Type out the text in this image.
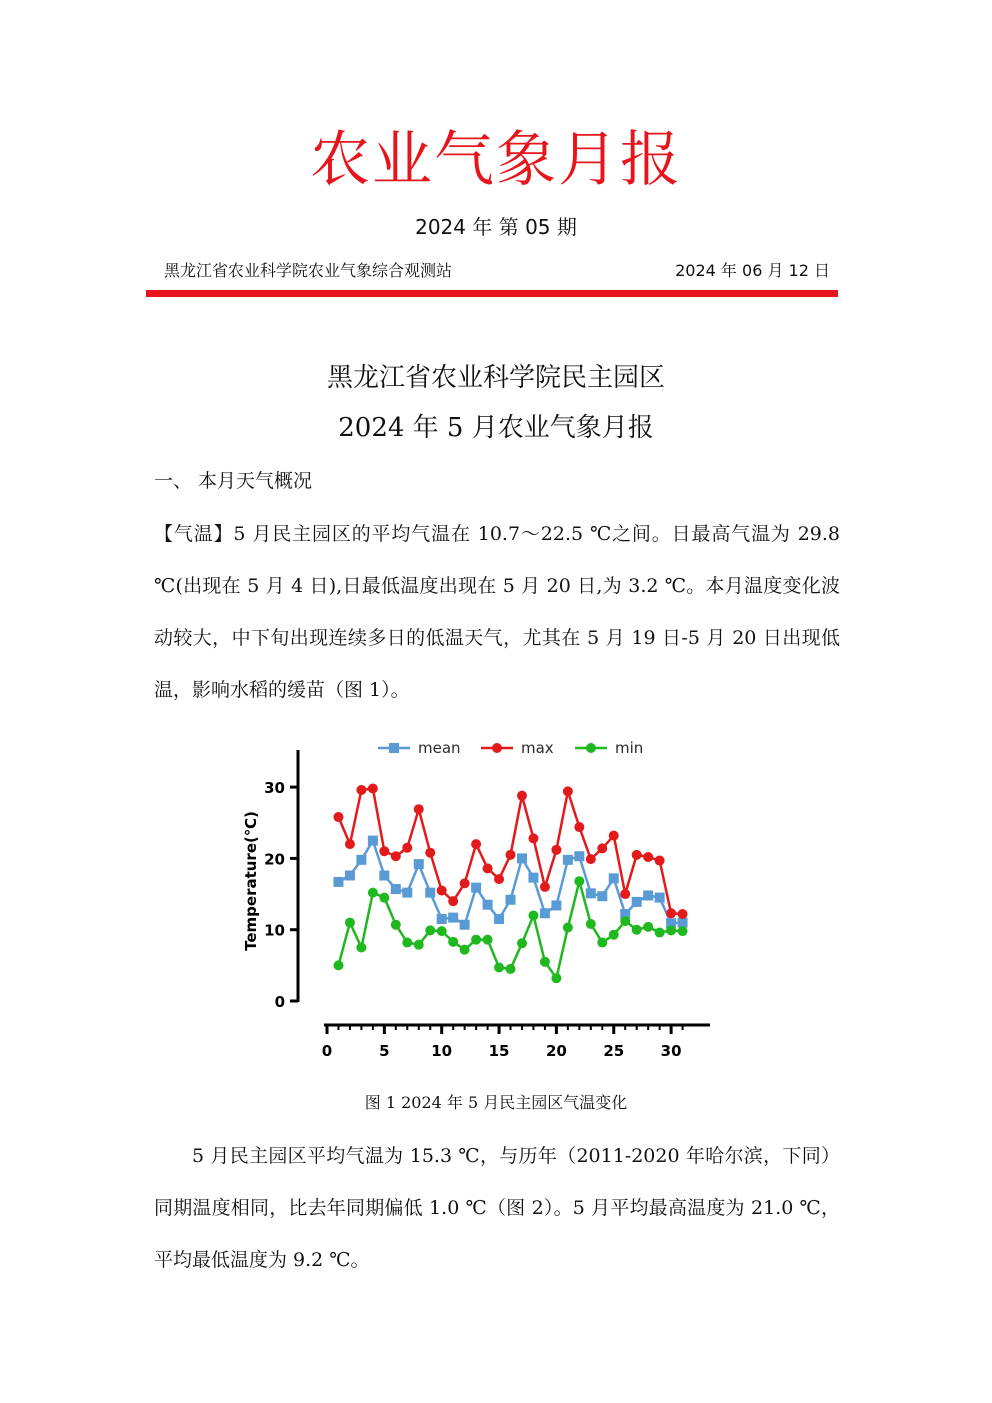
农业气象月报
2024 年 第 05 期
黑龙江省农业科学院农业气象综合观测站	2024 年 06 月 12 日
黑龙江省农业科学院民主园区
2024 年 5 月农业气象月报
一、 本月天气概况
【气温】5 月民主园区的平均气温在 10.7～22.5 ℃之间。日最高气温为 29.8 ℃(出现在 5 月 4 日),日最低温度出现在 5 月 20 日,为 3.2 ℃。本月温度变化波动较大，中下旬出现连续多日的低温天气，尤其在 5 月 19 日-5 月 20 日出现低温，影响水稻的缓苗（图 1）。
mean	max	min
0
10
20
30
0	5	10 15 20 25 30
Temperature(℃)
图 1 2024 年 5 月民主园区气温变化
5 月民主园区平均气温为 15.3 ℃，与历年（2011-2020 年哈尔滨，下同）同期温度相同，比去年同期偏低 1.0 ℃（图 2）。5 月平均最高温度为 21.0 ℃，平均最低温度为 9.2 ℃。
